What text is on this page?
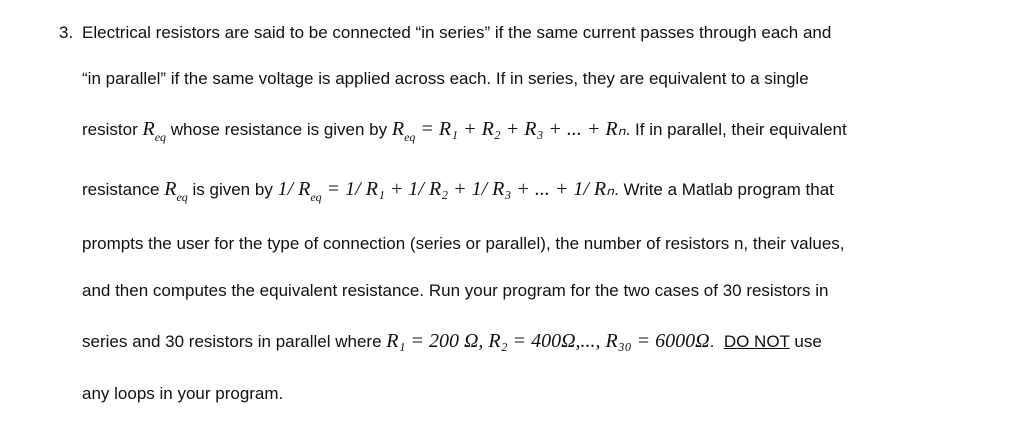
3. Electrical resistors are said to be connected “in series” if the same current passes through each and
“in parallel” if the same voltage is applied across each. If in series, they are equivalent to a single
resistor $R_{eq}$ whose resistance is given by $R_{eq} = R_1 + R_2 + R_3$ + ... + Rₙ. If in parallel, their equivalent
resistance $R_{eq}$ is given by 1/ $R_{eq} = 1/$ R₁ + 1/ R₂ + 1/ R₃ + ... + 1/ Rₙ. Write a Matlab program that
prompts the user for the type of connection (series or parallel), the number of resistors n, their values,
and then computes the equivalent resistance. Run your program for the two cases of 30 resistors in
series and 30 resistors in parallel where R₁ = 200 Ω, R₂ = 400Ω,..., R₃₀ = 6000Ω. DO NOT use
any loops in your program.
